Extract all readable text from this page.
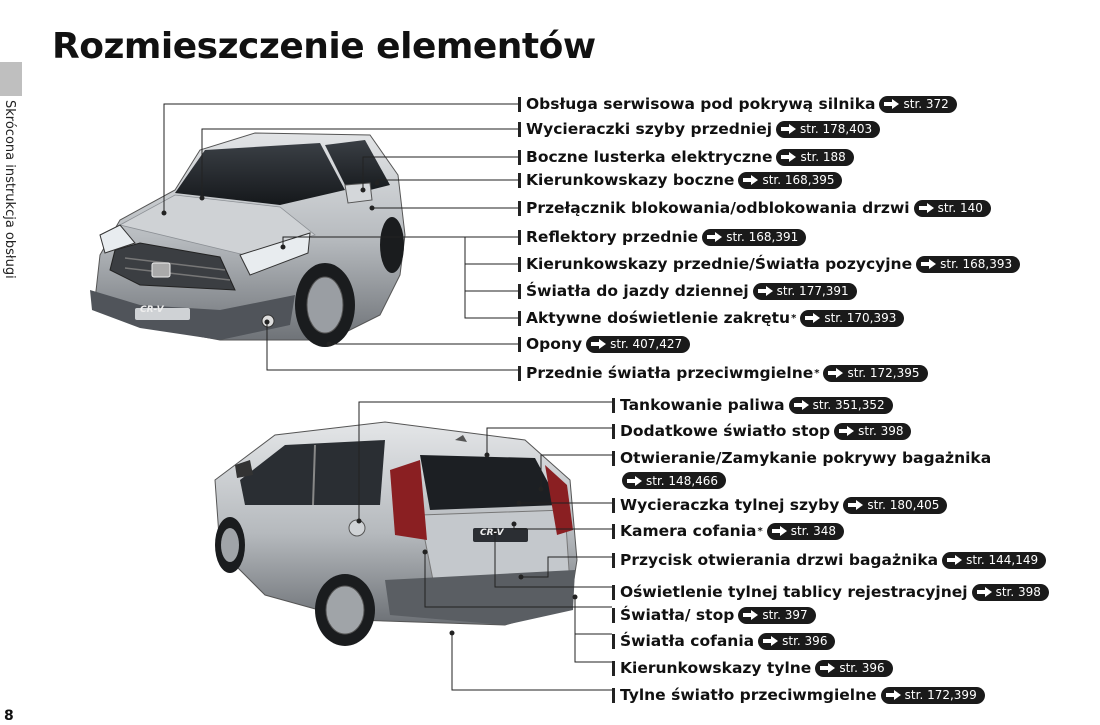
Rozmieszczenie elementów
Skrócona instrukcja obsługi
8
Obsługa serwisowa pod pokrywą silnika str. 372
Wycieraczki szyby przedniej str. 178,403
Boczne lusterka elektryczne str. 188
Kierunkowskazy boczne str. 168,395
Przełącznik blokowania/odblokowania drzwi str. 140
Reflektory przednie str. 168,391
Kierunkowskazy przednie/Światła pozycyjne str. 168,393
Światła do jazdy dziennej str. 177,391
Aktywne doświetlenie zakrętu * str. 170,393
Opony str. 407,427
Przednie światła przeciwmgielne * str. 172,395
Tankowanie paliwa str. 351,352
Dodatkowe światło stop str. 398
Otwieranie/Zamykanie pokrywy bagażnika
str. 148,466
Wycieraczka tylnej szyby str. 180,405
Kamera cofania * str. 348
Przycisk otwierania drzwi bagażnika str. 144,149
Oświetlenie tylnej tablicy rejestracyjnej str. 398
Światła/ stop str. 397
Światła cofania str. 396
Kierunkowskazy tylne str. 396
Tylne światło przeciwmgielne str. 172,399
CR-V
CR-V
